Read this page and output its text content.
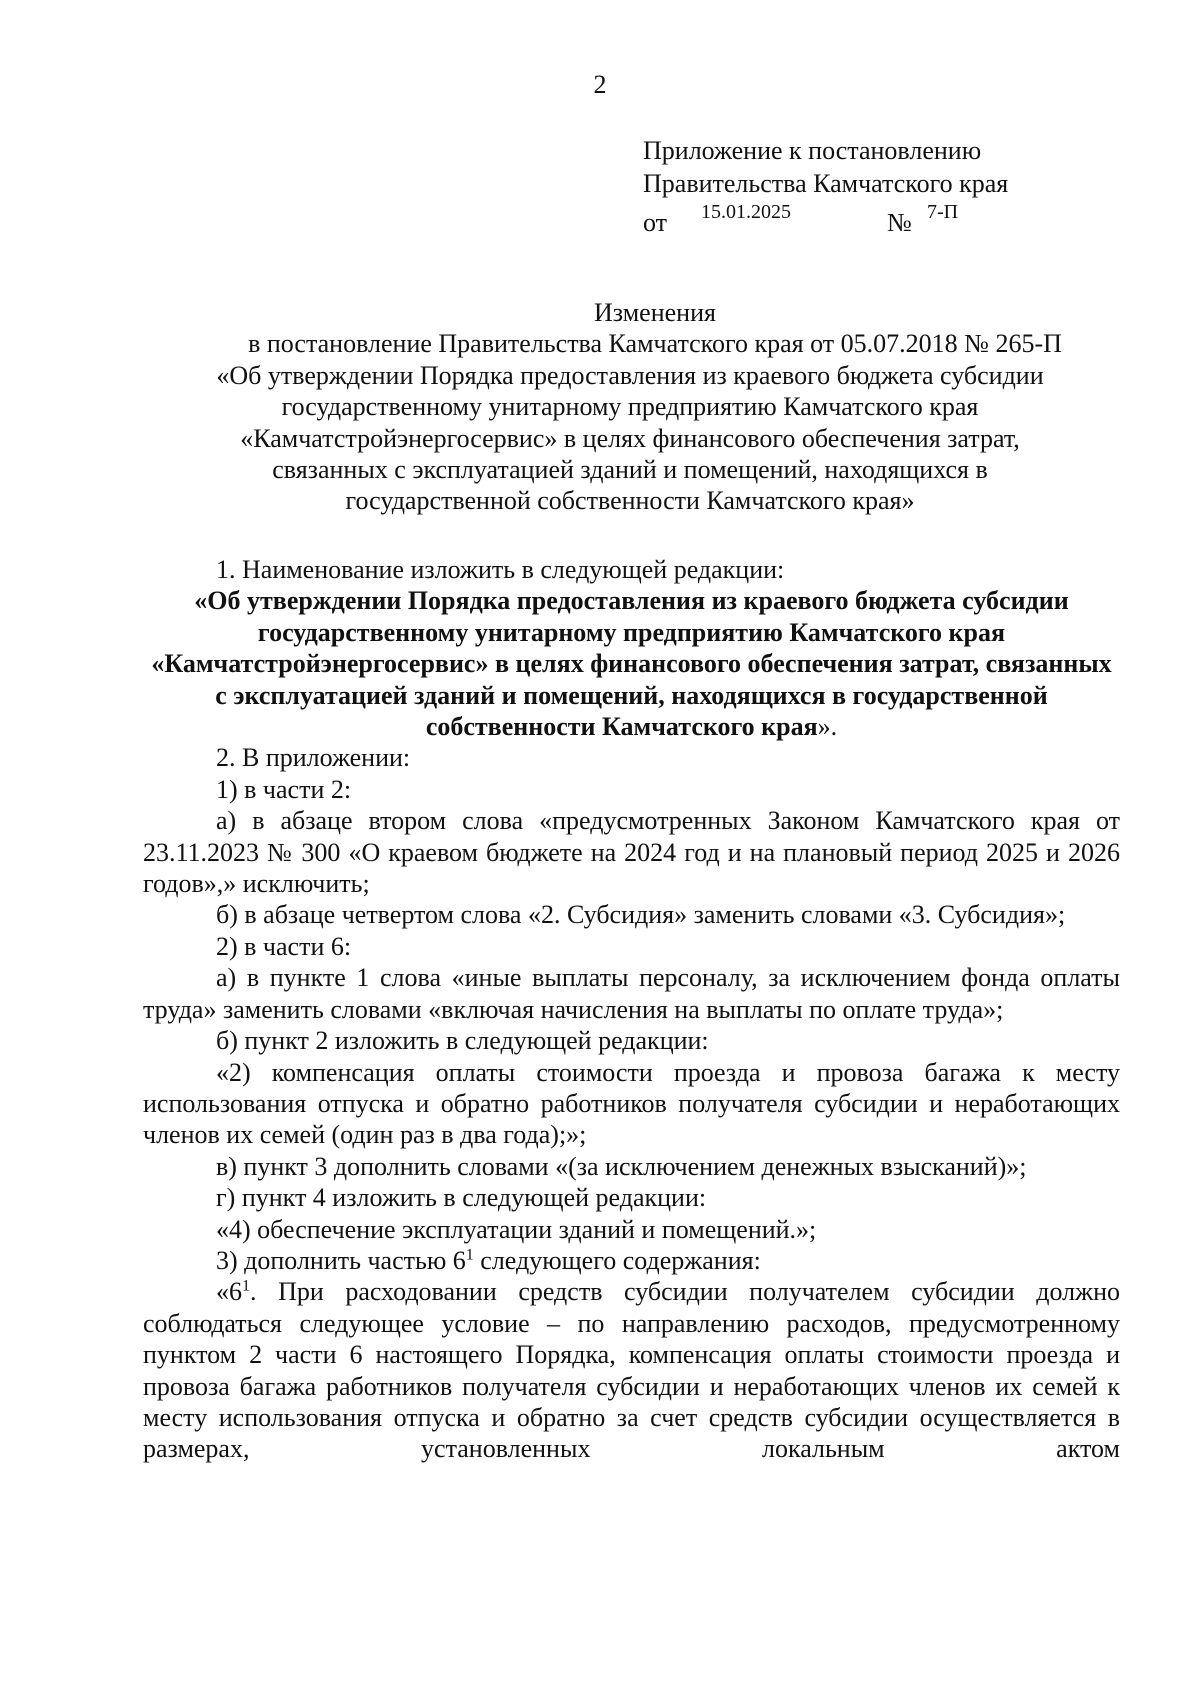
2
Приложение к постановлению
Правительства Камчатского края
от 15.01.2025	№ 7-П
Изменения
в постановление Правительства Камчатского края от 05.07.2018 № 265-П
«Об утверждении Порядка предоставления из краевого бюджета субсидии
государственному унитарному предприятию Камчатского края
«Камчатстройэнергосервис» в целях финансового обеспечения затрат,
связанных с эксплуатацией зданий и помещений, находящихся в
государственной собственности Камчатского края»

1. Наименование изложить в следующей редакции:

«Об утверждении Порядка предоставления из краевого бюджета субсидии государственному унитарному предприятию Камчатского края «Камчатстройэнергосервис» в целях финансового обеспечения затрат, связанных с эксплуатацией зданий и помещений, находящихся в государственной собственности Камчатского края».

2. В приложении:

1) в части 2:

а) в абзаце втором слова «предусмотренных Законом Камчатского края от 23.11.2023 № 300 «О краевом бюджете на 2024 год и на плановый период 2025 и 2026 годов»,» исключить;

б) в абзаце четвертом слова «2. Субсидия» заменить словами «3. Субсидия»;

2) в части 6:

а) в пункте 1 слова «иные выплаты персоналу, за исключением фонда оплаты труда» заменить словами «включая начисления на выплаты по оплате труда»;

б) пункт 2 изложить в следующей редакции:

«2) компенсация оплаты стоимости проезда и провоза багажа к месту использования отпуска и обратно работников получателя субсидии и неработающих членов их семей (один раз в два года);»;

в) пункт 3 дополнить словами «(за исключением денежных взысканий)»;

г) пункт 4 изложить в следующей редакции:

«4) обеспечение эксплуатации зданий и помещений.»;

3) дополнить частью $6^1$ следующего содержания:

«$6^1$. При расходовании средств субсидии получателем субсидии должно соблюдаться следующее условие – по направлению расходов, предусмотренному пунктом 2 части 6 настоящего Порядка, компенсация оплаты стоимости проезда и провоза багажа работников получателя субсидии и неработающих членов их семей к месту использования отпуска и обратно за счет средств субсидии осуществляется в размерах, установленных локальным актом
